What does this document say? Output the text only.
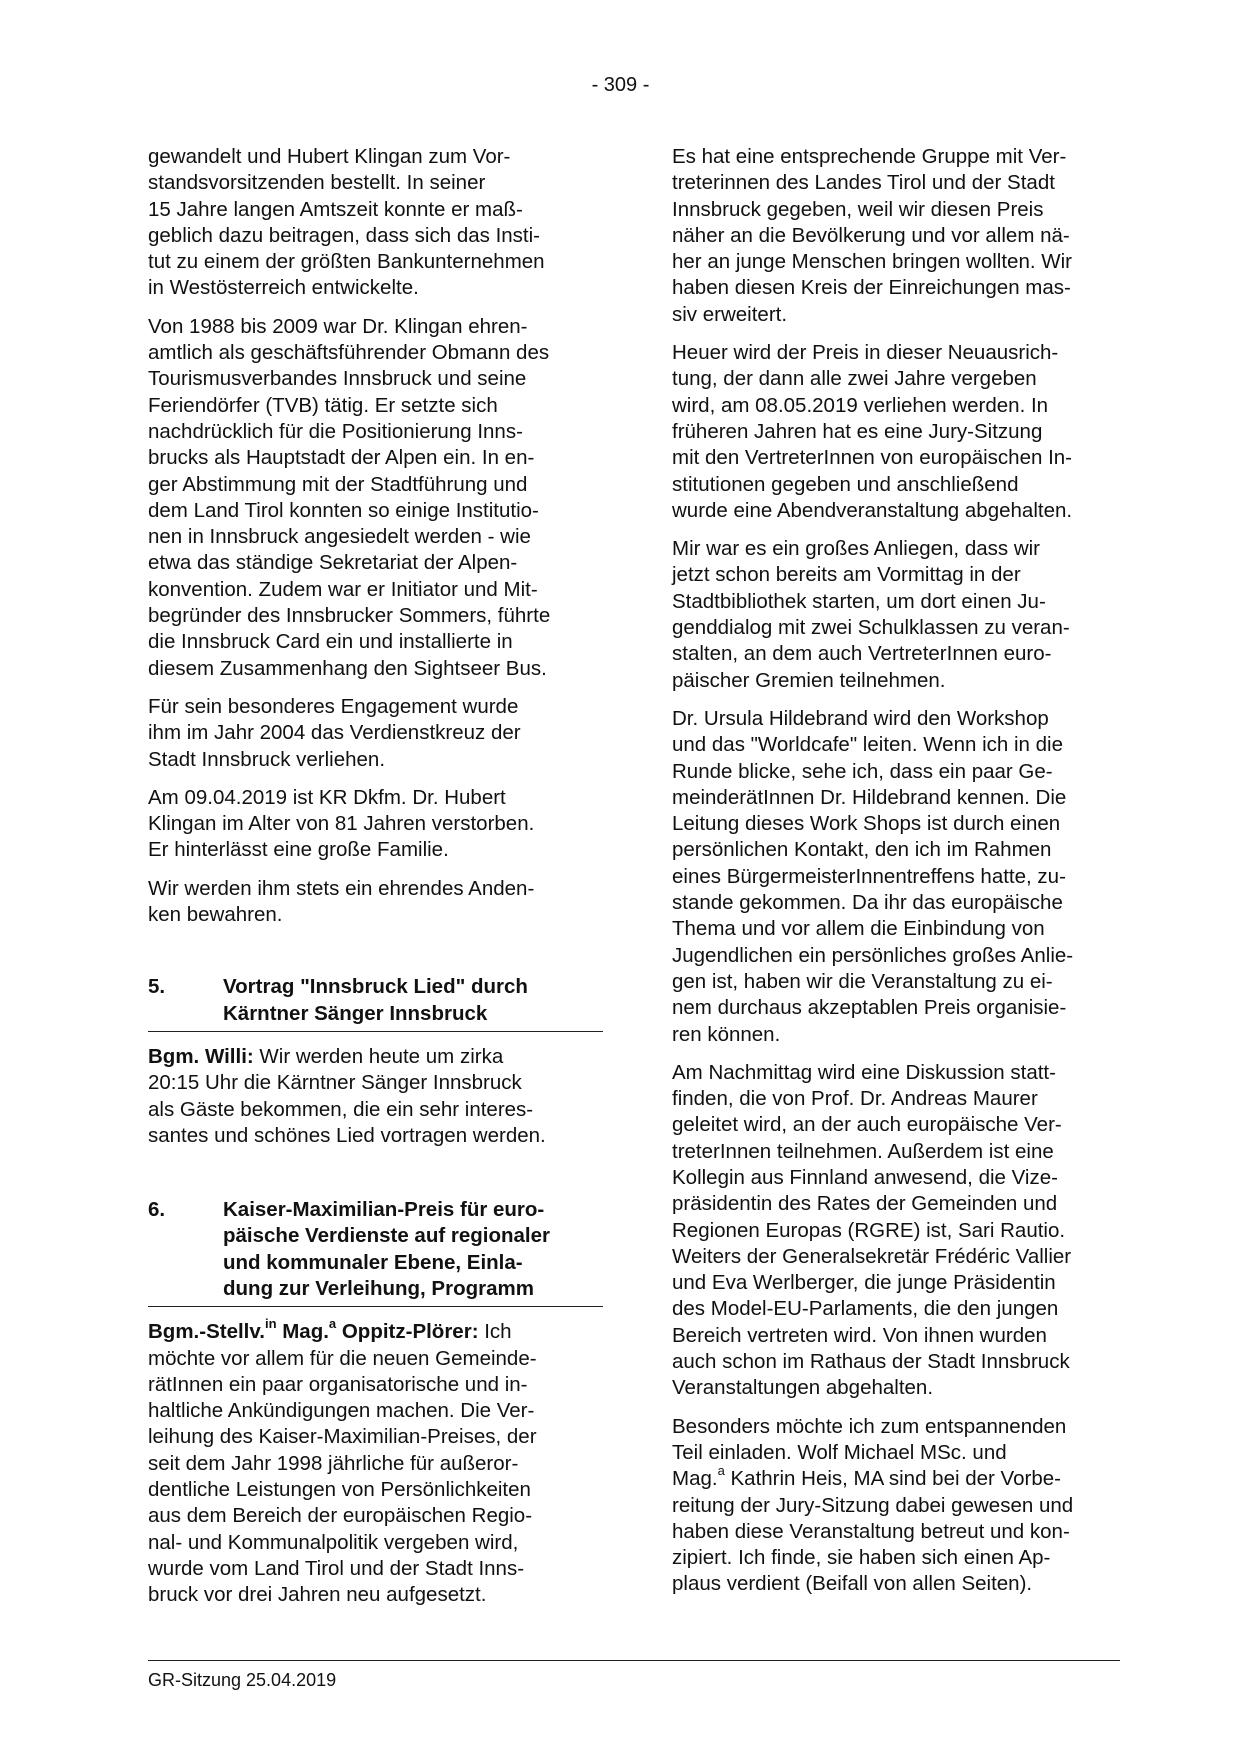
- 309 -

gewandelt und Hubert Klingan zum Vor-
standsvorsitzenden bestellt. In seiner
15 Jahre langen Amtszeit konnte er maß-
geblich dazu beitragen, dass sich das Insti-
tut zu einem der größten Bankunternehmen
in Westösterreich entwickelte.

Von 1988 bis 2009 war Dr. Klingan ehren-
amtlich als geschäftsführender Obmann des
Tourismusverbandes Innsbruck und seine
Feriendörfer (TVB) tätig. Er setzte sich
nachdrücklich für die Positionierung Inns-
brucks als Hauptstadt der Alpen ein. In en-
ger Abstimmung mit der Stadtführung und
dem Land Tirol konnten so einige Institutio-
nen in Innsbruck angesiedelt werden - wie
etwa das ständige Sekretariat der Alpen-
konvention. Zudem war er Initiator und Mit-
begründer des Innsbrucker Sommers, führte
die Innsbruck Card ein und installierte in
diesem Zusammenhang den Sightseer Bus.

Für sein besonderes Engagement wurde
ihm im Jahr 2004 das Verdienstkreuz der
Stadt Innsbruck verliehen.

Am 09.04.2019 ist KR Dkfm. Dr. Hubert
Klingan im Alter von 81 Jahren verstorben.
Er hinterlässt eine große Familie.

Wir werden ihm stets ein ehrendes Anden-
ken bewahren.

5.	Vortrag "Innsbruck Lied" durch
Kärntner Sänger Innsbruck

Bgm. Willi: Wir werden heute um zirka
20:15 Uhr die Kärntner Sänger Innsbruck
als Gäste bekommen, die ein sehr interes-
santes und schönes Lied vortragen werden.

6.	Kaiser-Maximilian-Preis für euro-
päische Verdienste auf regionaler
und kommunaler Ebene, Einla-
dung zur Verleihung, Programm

Bgm.-Stellv.$^{in}$ Mag.$^a$ Oppitz-Plörer: Ich
möchte vor allem für die neuen Gemeinde-
rätInnen ein paar organisatorische und in-
haltliche Ankündigungen machen. Die Ver-
leihung des Kaiser-Maximilian-Preises, der
seit dem Jahr 1998 jährliche für außeror-
dentliche Leistungen von Persönlichkeiten
aus dem Bereich der europäischen Regio-
nal- und Kommunalpolitik vergeben wird,
wurde vom Land Tirol und der Stadt Inns-
bruck vor drei Jahren neu aufgesetzt.

Es hat eine entsprechende Gruppe mit Ver-
treterinnen des Landes Tirol und der Stadt
Innsbruck gegeben, weil wir diesen Preis
näher an die Bevölkerung und vor allem nä-
her an junge Menschen bringen wollten. Wir
haben diesen Kreis der Einreichungen mas-
siv erweitert.

Heuer wird der Preis in dieser Neuausrich-
tung, der dann alle zwei Jahre vergeben
wird, am 08.05.2019 verliehen werden. In
früheren Jahren hat es eine Jury-Sitzung
mit den VertreterInnen von europäischen In-
stitutionen gegeben und anschließend
wurde eine Abendveranstaltung abgehalten.

Mir war es ein großes Anliegen, dass wir
jetzt schon bereits am Vormittag in der
Stadtbibliothek starten, um dort einen Ju-
genddialog mit zwei Schulklassen zu veran-
stalten, an dem auch VertreterInnen euro-
päischer Gremien teilnehmen.

Dr. Ursula Hildebrand wird den Workshop
und das "Worldcafe" leiten. Wenn ich in die
Runde blicke, sehe ich, dass ein paar Ge-
meinderätInnen Dr. Hildebrand kennen. Die
Leitung dieses Work Shops ist durch einen
persönlichen Kontakt, den ich im Rahmen
eines BürgermeisterInnentreffens hatte, zu-
stande gekommen. Da ihr das europäische
Thema und vor allem die Einbindung von
Jugendlichen ein persönliches großes Anlie-
gen ist, haben wir die Veranstaltung zu ei-
nem durchaus akzeptablen Preis organisie-
ren können.

Am Nachmittag wird eine Diskussion statt-
finden, die von Prof. Dr. Andreas Maurer
geleitet wird, an der auch europäische Ver-
treterInnen teilnehmen. Außerdem ist eine
Kollegin aus Finnland anwesend, die Vize-
präsidentin des Rates der Gemeinden und
Regionen Europas (RGRE) ist, Sari Rautio.
Weiters der Generalsekretär Frédéric Vallier
und Eva Werlberger, die junge Präsidentin
des Model-EU-Parlaments, die den jungen
Bereich vertreten wird. Von ihnen wurden
auch schon im Rathaus der Stadt Innsbruck
Veranstaltungen abgehalten.

Besonders möchte ich zum entspannenden
Teil einladen. Wolf Michael MSc. und
Mag.$^a$ Kathrin Heis, MA sind bei der Vorbe-
reitung der Jury-Sitzung dabei gewesen und
haben diese Veranstaltung betreut und kon-
zipiert. Ich finde, sie haben sich einen Ap-
plaus verdient (Beifall von allen Seiten).

GR-Sitzung 25.04.2019
